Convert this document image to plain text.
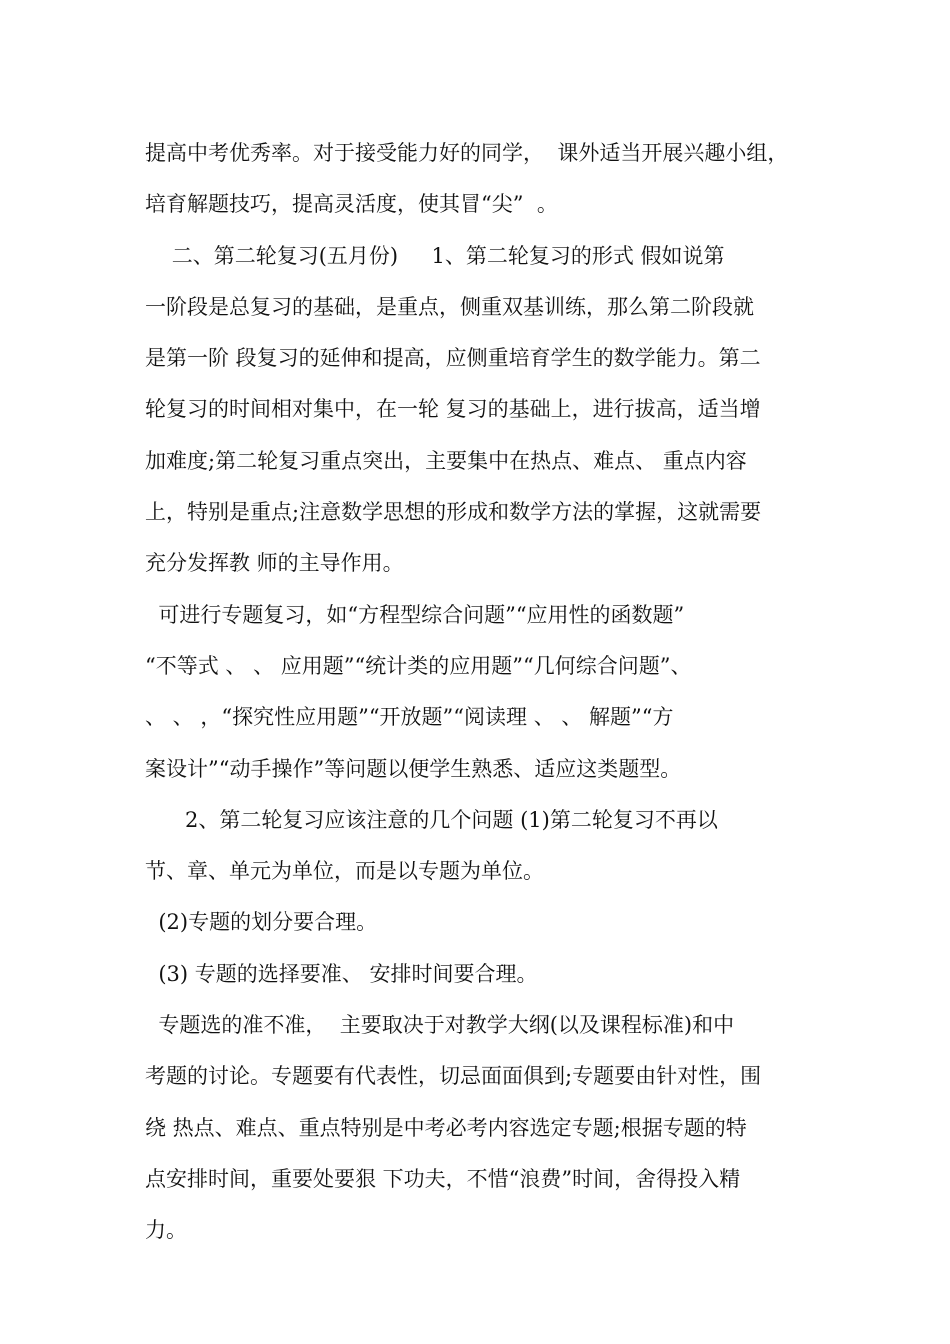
提高中考优秀率。对于接受能力好的同学，  课外适当开展兴趣小组，
培育解题技巧，提高灵活度，使其冒“尖”  。
二、第二轮复习(五月份)     1、第二轮复习的形式 假如说第
一阶段是总复习的基础，是重点，侧重双基训练，那么第二阶段就
是第一阶 段复习的延伸和提高，应侧重培育学生的数学能力。第二
轮复习的时间相对集中，在一轮 复习的基础上，进行拔高，适当增
加难度;第二轮复习重点突出，主要集中在热点、难点、 重点内容
上，特别是重点;注意数学思想的形成和数学方法的掌握，这就需要
充分发挥教 师的主导作用。
可进行专题复习，如“方程型综合问题”“应用性的函数题”
“不等式 、 、 应用题”“统计类的应用题”“几何综合问题”、
、 、 ，“探究性应用题”“开放题”“阅读理 、 、 解题”“方
案设计”“动手操作”等问题以便学生熟悉、适应这类题型。
2、第二轮复习应该注意的几个问题 (1)第二轮复习不再以
节、章、单元为单位，而是以专题为单位。
(2)专题的划分要合理。
(3) 专题的选择要准、 安排时间要合理。
专题选的准不准，  主要取决于对教学大纲(以及课程标准)和中
考题的讨论。专题要有代表性，切忌面面俱到;专题要由针对性，围
绕 热点、难点、重点特别是中考必考内容选定专题;根据专题的特
点安排时间，重要处要狠 下功夫，不惜“浪费”时间，舍得投入精
力。
